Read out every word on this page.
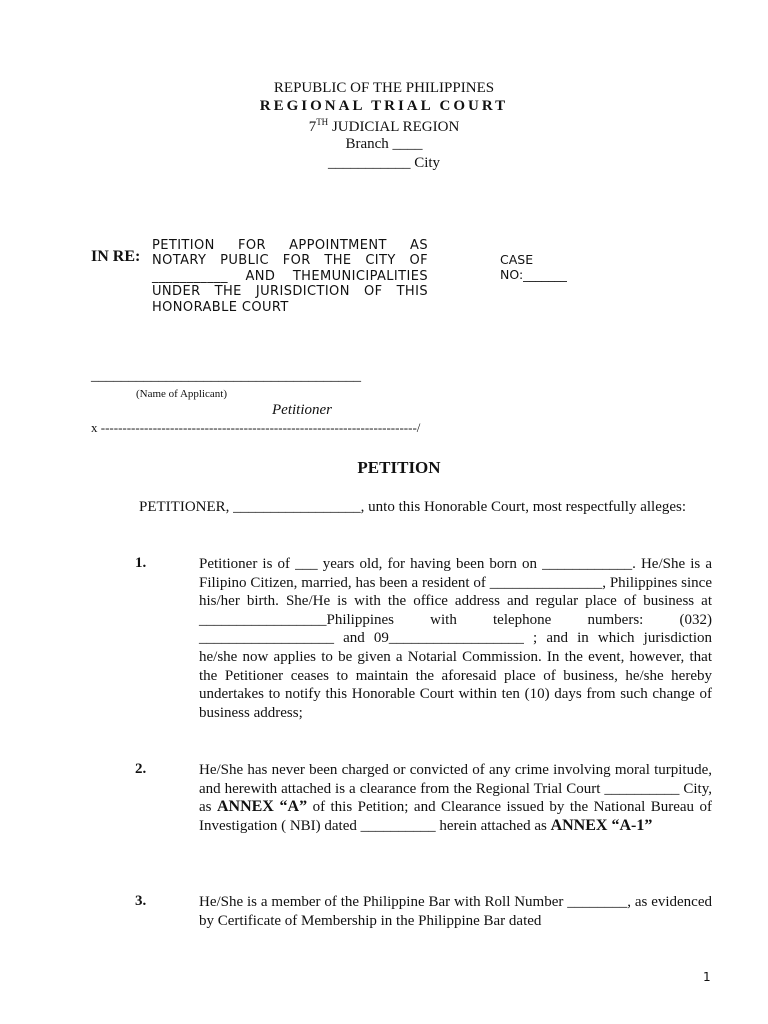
REPUBLIC OF THE PHILIPPINES
REGIONAL TRIAL COURT
7TH JUDICIAL REGION
Branch ____
___________ City
IN RE:
PETITION FOR APPOINTMENT AS NOTARY PUBLIC FOR THE CITY OF ___________ AND THEMUNICIPALITIES UNDER THE JURISDICTION OF THIS HONORABLE COURT
CASE
NO:_______
____________________________________
(Name of Applicant)
Petitioner
x -------------------------------------------------------------------------/
PETITION
PETITIONER, _________________, unto this Honorable Court, most respectfully alleges:
1.	Petitioner is of ___ years old, for having been born on ____________. He/She is a Filipino Citizen, married, has been a resident of _______________, Philippines since his/her birth. She/He is with the office address and regular place of business at _________________Philippines with telephone numbers: (032) __________________ and 09__________________ ; and in which jurisdiction he/she now applies to be given a Notarial Commission. In the event, however, that the Petitioner ceases to maintain the aforesaid place of business, he/she hereby undertakes to notify this Honorable Court within ten (10) days from such change of business address;
2.	He/She has never been charged or convicted of any crime involving moral turpitude, and herewith attached is a clearance from the Regional Trial Court __________ City, as ANNEX “A” of this Petition; and Clearance issued by the National Bureau of Investigation ( NBI) dated __________ herein attached as ANNEX “A-1”
3.	He/She is a member of the Philippine Bar with Roll Number ________, as evidenced by Certificate of Membership in the Philippine Bar dated
1
